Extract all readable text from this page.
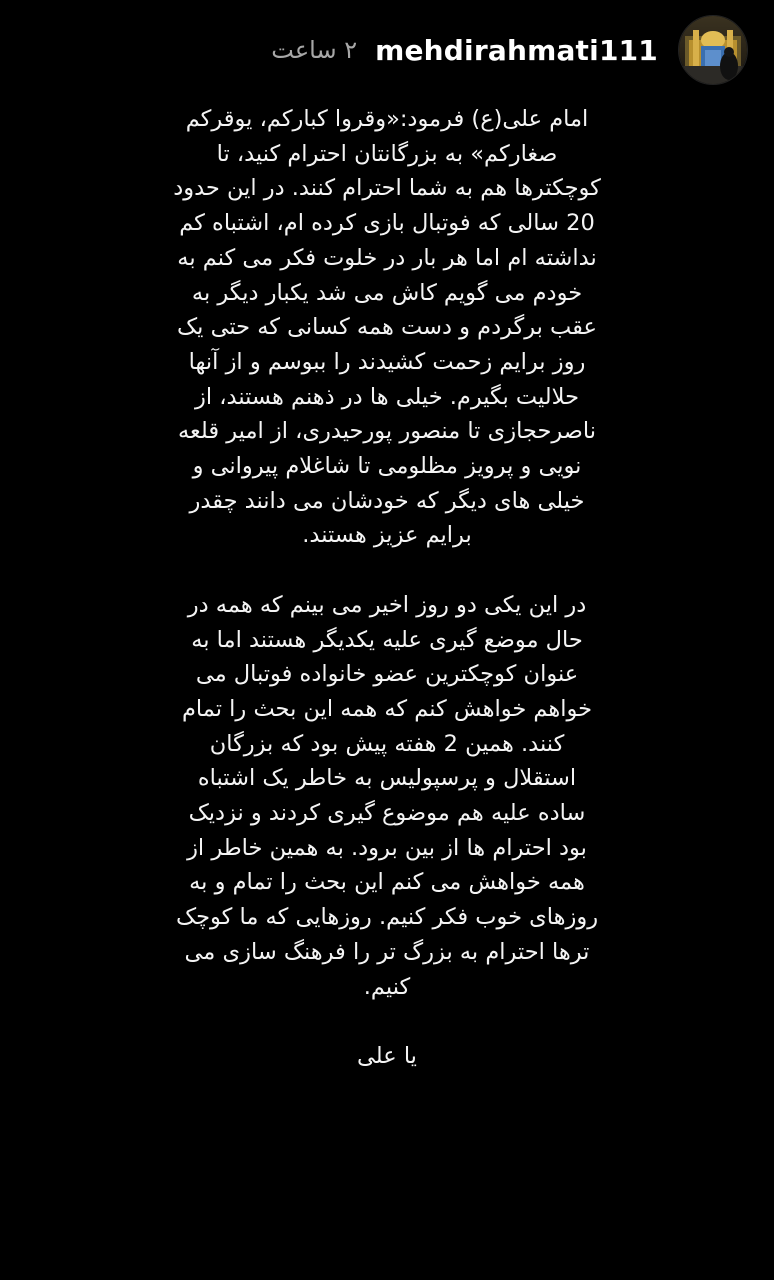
mehdirahmati111
۲ ساعت

امام علی(ع) فرمود:«وقروا کبارکم، یوقرکم صغارکم» به بزرگانتان احترام کنید، تا کوچکترها هم به شما احترام کنند. در این حدود 20 سالی که فوتبال بازی کرده ام، اشتباه کم نداشته ام اما هر بار در خلوت فکر می کنم به خودم می گویم کاش می شد یکبار دیگر به عقب برگردم و دست همه کسانی که حتی یک روز برایم زحمت کشیدند را ببوسم و از آنها حلالیت بگیرم. خیلی ها در ذهنم هستند، از ناصرحجازی تا منصور پورحیدری، از امیر قلعه نویی و پرویز مظلومی تا شاغلام پیروانی و خیلی های دیگر که خودشان می دانند چقدر برایم عزیز هستند.

در این یکی دو روز اخیر می بینم که همه در حال موضع گیری علیه یکدیگر هستند اما به عنوان کوچکترین عضو خانواده فوتبال می خواهم خواهش کنم که همه این بحث را تمام کنند. همین 2 هفته پیش بود که بزرگان استقلال و پرسپولیس به خاطر یک اشتباه ساده علیه هم موضوع گیری کردند و نزدیک بود احترام ها از بین برود. به همین خاطر از همه خواهش می کنم این بحث را تمام و به روزهای خوب فکر کنیم. روزهایی که ما کوچک ترها احترام به بزرگ تر را فرهنگ سازی می کنیم.

یا علی
